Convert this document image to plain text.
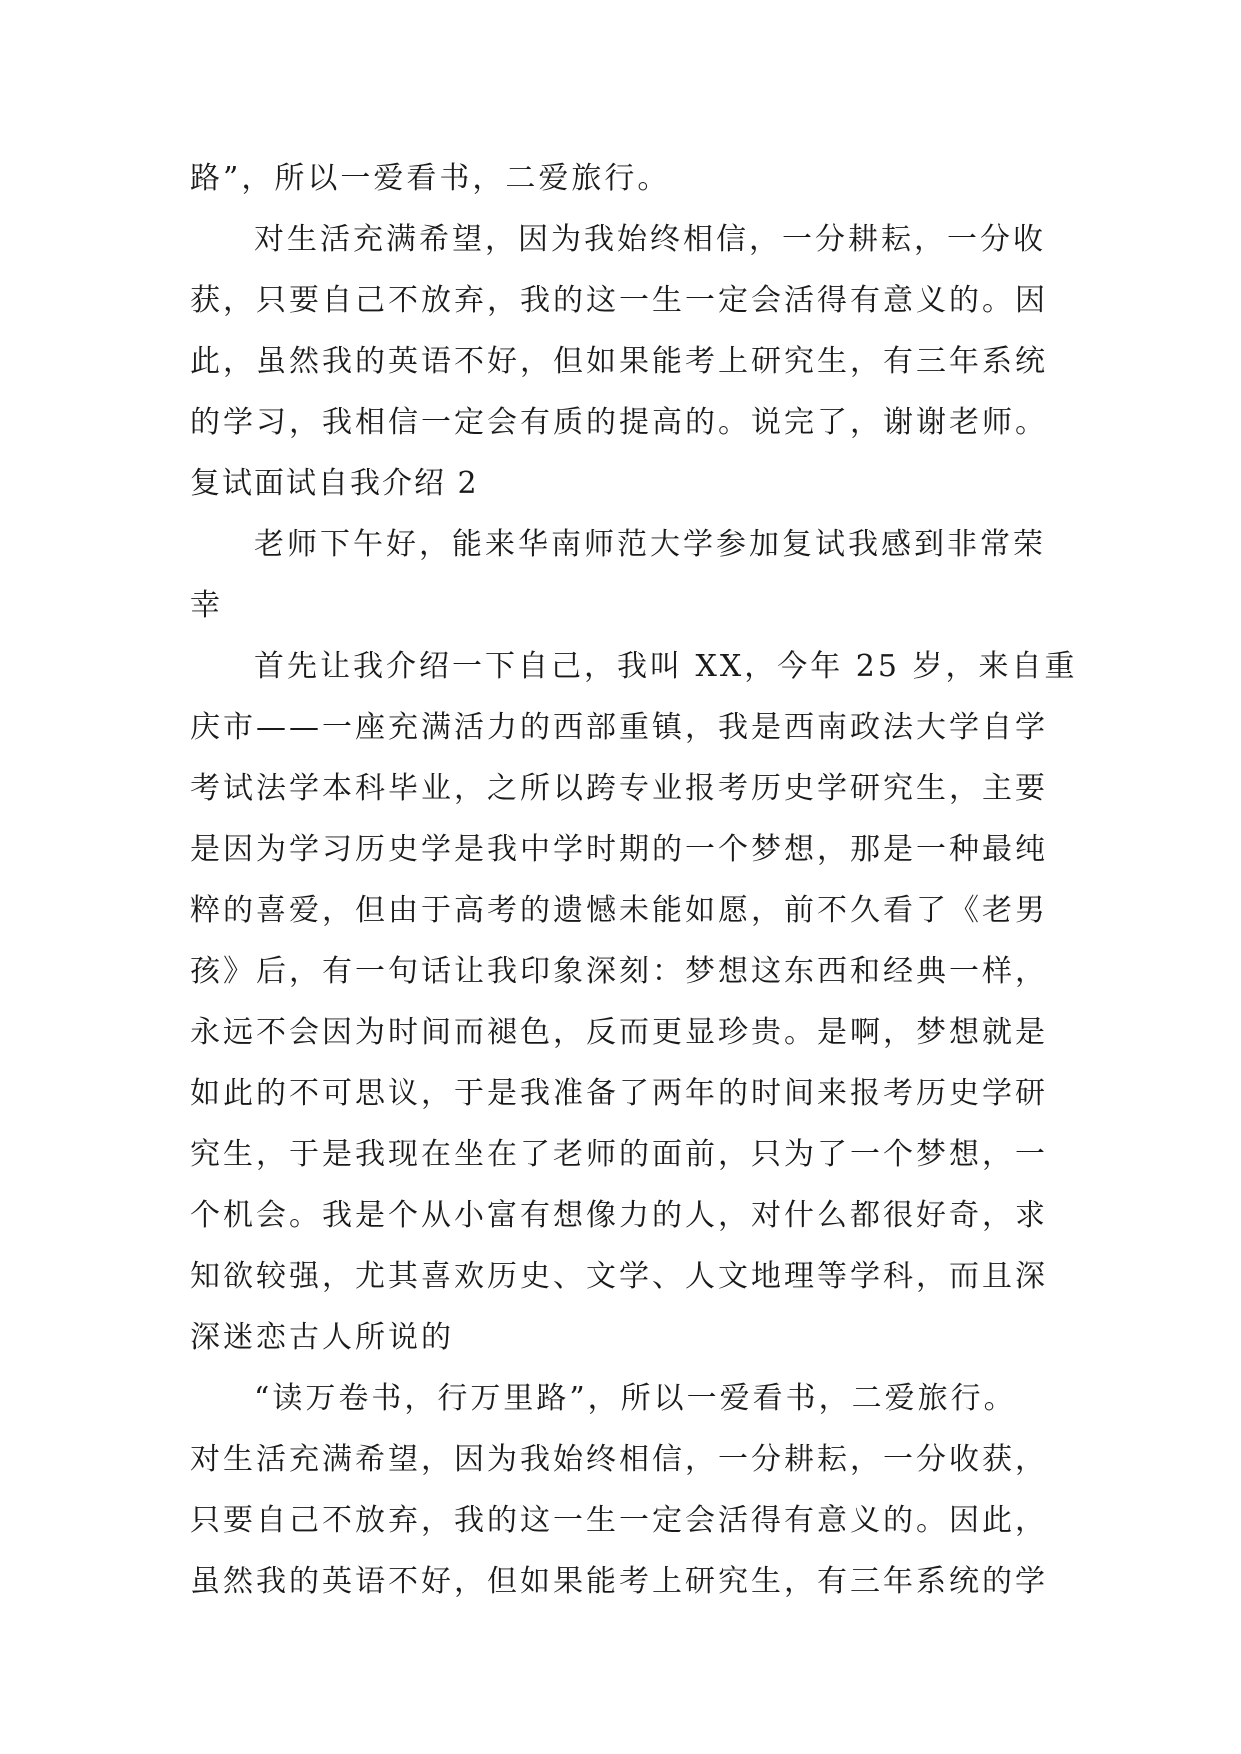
路”，所以一爱看书，二爱旅行。
对生活充满希望，因为我始终相信，一分耕耘，一分收
获，只要自己不放弃，我的这一生一定会活得有意义的。因
此，虽然我的英语不好，但如果能考上研究生，有三年系统
的学习，我相信一定会有质的提高的。说完了，谢谢老师。
复试面试自我介绍 2
老师下午好，能来华南师范大学参加复试我感到非常荣
幸
首先让我介绍一下自己，我叫 XX，今年 25 岁，来自重
庆市——一座充满活力的西部重镇，我是西南政法大学自学
考试法学本科毕业，之所以跨专业报考历史学研究生，主要
是因为学习历史学是我中学时期的一个梦想，那是一种最纯
粹的喜爱，但由于高考的遗憾未能如愿，前不久看了《老男
孩》后，有一句话让我印象深刻：梦想这东西和经典一样，
永远不会因为时间而褪色，反而更显珍贵。是啊，梦想就是
如此的不可思议，于是我准备了两年的时间来报考历史学研
究生，于是我现在坐在了老师的面前，只为了一个梦想，一
个机会。我是个从小富有想像力的人，对什么都很好奇，求
知欲较强，尤其喜欢历史、文学、人文地理等学科，而且深
深迷恋古人所说的
“读万卷书，行万里路”，所以一爱看书，二爱旅行。
对生活充满希望，因为我始终相信，一分耕耘，一分收获，
只要自己不放弃，我的这一生一定会活得有意义的。因此，
虽然我的英语不好，但如果能考上研究生，有三年系统的学
